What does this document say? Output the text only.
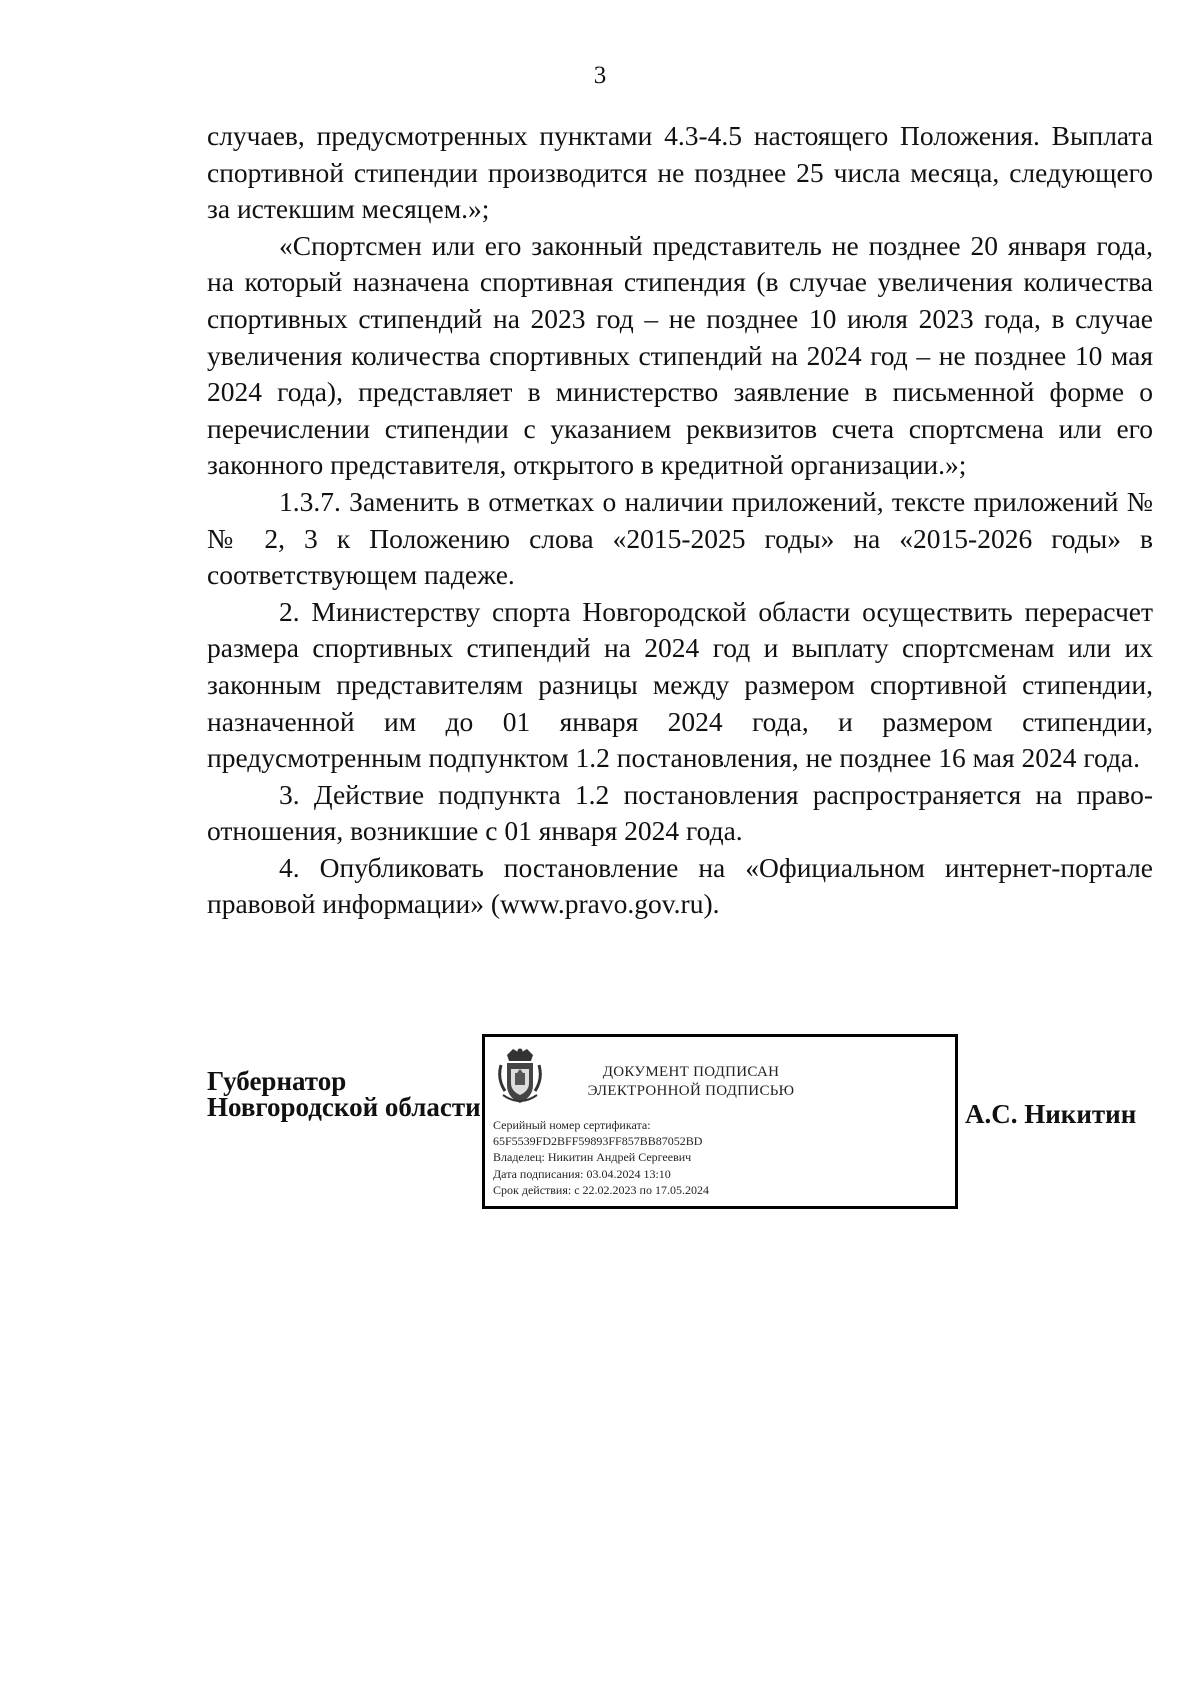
3

случаев, предусмотренных пунктами 4.3-4.5 настоящего Положения. Выплата спортивной стипендии производится не позднее 25 числа месяца, следующего за истекшим месяцем.»;

«Спортсмен или его законный представитель не позднее 20 января года, на который назначена спортивная стипендия (в случае увеличения количества спортивных стипендий на 2023 год – не позднее 10 июля 2023 года, в случае увеличения количества спортивных стипендий на 2024 год – не позднее 10 мая 2024 года), представляет в министерство заявление в письменной форме о перечислении стипендии с указанием реквизитов счета спортсмена или его законного представителя, открытого в кредитной организации.»;

1.3.7. Заменить в отметках о наличии приложений, тексте приложений №№ 2, 3 к Положению слова «2015-2025 годы» на «2015-2026 годы» в соответствующем падеже.

2. Министерству спорта Новгородской области осуществить перерасчет размера спортивных стипендий на 2024 год и выплату спортсменам или их законным представителям разницы между размером спортивной стипендии, назначенной им до 01 января 2024 года, и размером стипендии, предусмотренным подпунктом 1.2 постановления, не позднее 16 мая 2024 года.

3. Действие подпункта 1.2 постановления распространяется на право-отношения, возникшие с 01 января 2024 года.

4. Опубликовать постановление на «Официальном интернет-портале правовой информации» (www.pravo.gov.ru).

Губернатор
Новгородской области
ДОКУМЕНТ ПОДПИСАН
ЭЛЕКТРОННОЙ ПОДПИСЬЮ
Серийный номер сертификата:
65F5539FD2BFF59893FF857BB87052BD
Владелец: Никитин Андрей Сергеевич
Дата подписания: 03.04.2024 13:10
Срок действия: с 22.02.2023 по 17.05.2024
А.С. Никитин
